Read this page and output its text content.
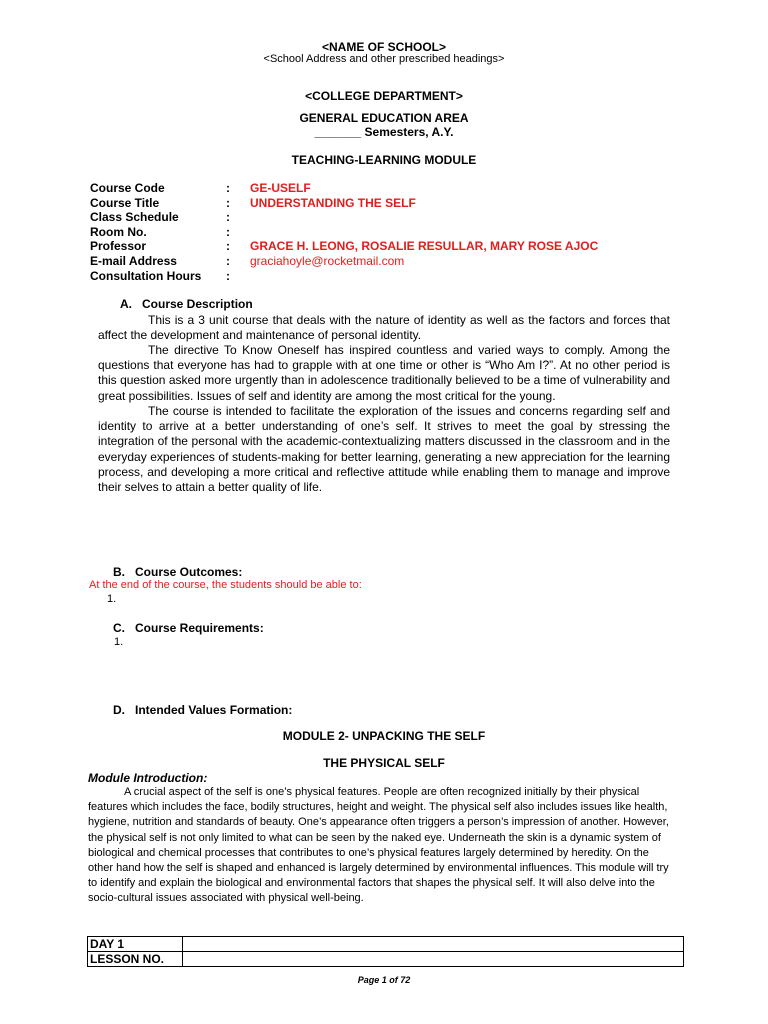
<NAME OF SCHOOL>
<School Address and other prescribed headings>
<COLLEGE DEPARTMENT>
GENERAL EDUCATION AREA
_______ Semesters, A.Y.
TEACHING-LEARNING MODULE
Course Code	: GE-USELF
Course Title	: UNDERSTANDING THE SELF
Class Schedule	:
Room No.	:
Professor	: GRACE H. LEONG, ROSALIE RESULLAR, MARY ROSE AJOC
E-mail Address	: graciahoyle@rocketmail.com
Consultation Hours :
A. Course Description

This is a 3 unit course that deals with the nature of identity as well as the factors and forces that affect the development and maintenance of personal identity.

The directive To Know Oneself has inspired countless and varied ways to comply. Among the questions that everyone has had to grapple with at one time or other is “Who Am I?”. At no other period is this question asked more urgently than in adolescence traditionally believed to be a time of vulnerability and great possibilities. Issues of self and identity are among the most critical for the young.

The course is intended to facilitate the exploration of the issues and concerns regarding self and identity to arrive at a better understanding of one’s self. It strives to meet the goal by stressing the integration of the personal with the academic-contextualizing matters discussed in the classroom and in the everyday experiences of students-making for better learning, generating a new appreciation for the learning process, and developing a more critical and reflective attitude while enabling them to manage and improve their selves to attain a better quality of life.

B. Course Outcomes:
At the end of the course, the students should be able to:
1.
C. Course Requirements:
1.
D. Intended Values Formation:
MODULE 2- UNPACKING THE SELF
THE PHYSICAL SELF
Module Introduction:

A crucial aspect of the self is one’s physical features. People are often recognized initially by their physical features which includes the face, bodily structures, height and weight. The physical self also includes issues like health, hygiene, nutrition and standards of beauty. One’s appearance often triggers a person’s impression of another. However, the physical self is not only limited to what can be seen by the naked eye. Underneath the skin is a dynamic system of biological and chemical processes that contributes to one’s physical features largely determined by heredity. On the other hand how the self is shaped and enhanced is largely determined by environmental influences. This module will try to identify and explain the biological and environmental factors that shapes the physical self. It will also delve into the socio-cultural issues associated with physical well-being.

DAY 1	
LESSON NO.	
Page 1 of 72
